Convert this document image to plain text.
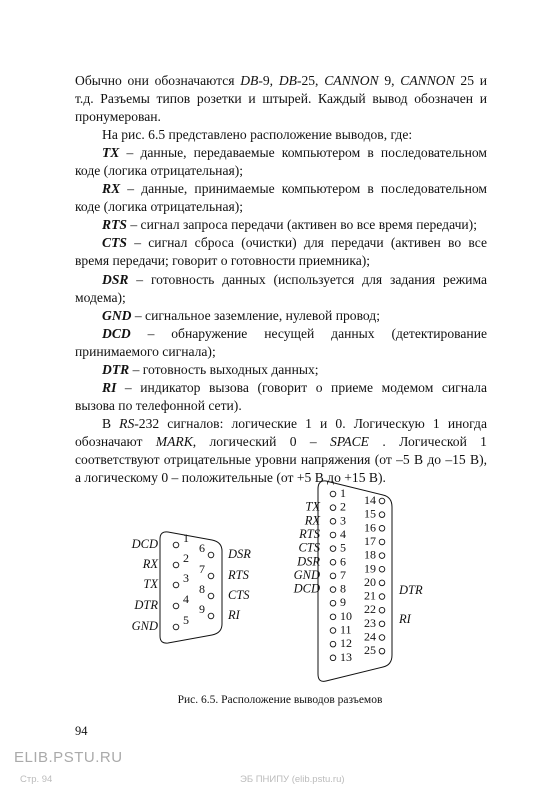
Обычно они обозначаются DB-9, DB-25, CANNON 9, CANNON 25 и т.д. Разъемы типов розетки и штырей. Каждый вывод обозначен и пронумерован.

На рис. 6.5 представлено расположение выводов, где:

TX – данные, передаваемые компьютером в последовательном коде (логика отрицательная);

RX – данные, принимаемые компьютером в последовательном коде (логика отрицательная);

RTS – сигнал запроса передачи (активен во все время передачи);

CTS – сигнал сброса (очистки) для передачи (активен во все время передачи; говорит о готовности приемника);

DSR – готовность данных (используется для задания режима модема);

GND – сигнальное заземление, нулевой провод;

DCD – обнаружение несущей данных (детектирование принимаемого сигнала);

DTR – готовность выходных данных;

RI – индикатор вызова (говорит о приеме модемом сигнала вызова по телефонной сети).

В RS-232 сигналов: логические 1 и 0. Логическую 1 иногда обозначают MARK, логический 0 – SPACE . Логической 1 соответствуют отрицательные уровни напряжения (от –5 В до –15 В), а логическому 0 – положительные (от +5 В до +15 В).

DCD
RX
TX
DTR
GND
1
2
3
4
5
6
7
8
9
DSR
RTS
CTS
RI
1
2
3
4
5
6
7
8
9
10
11
12
13
TX
RX
RTS
CTS
DSR
GND
DCD
14
15
16
17
18
19
20
21
22
23
24
25
DTR
RI
Рис. 6.5. Расположение выводов разъемов
94
ELIB.PSTU.RU
Стр. 94	ЭБ ПНИПУ (elib.pstu.ru)
